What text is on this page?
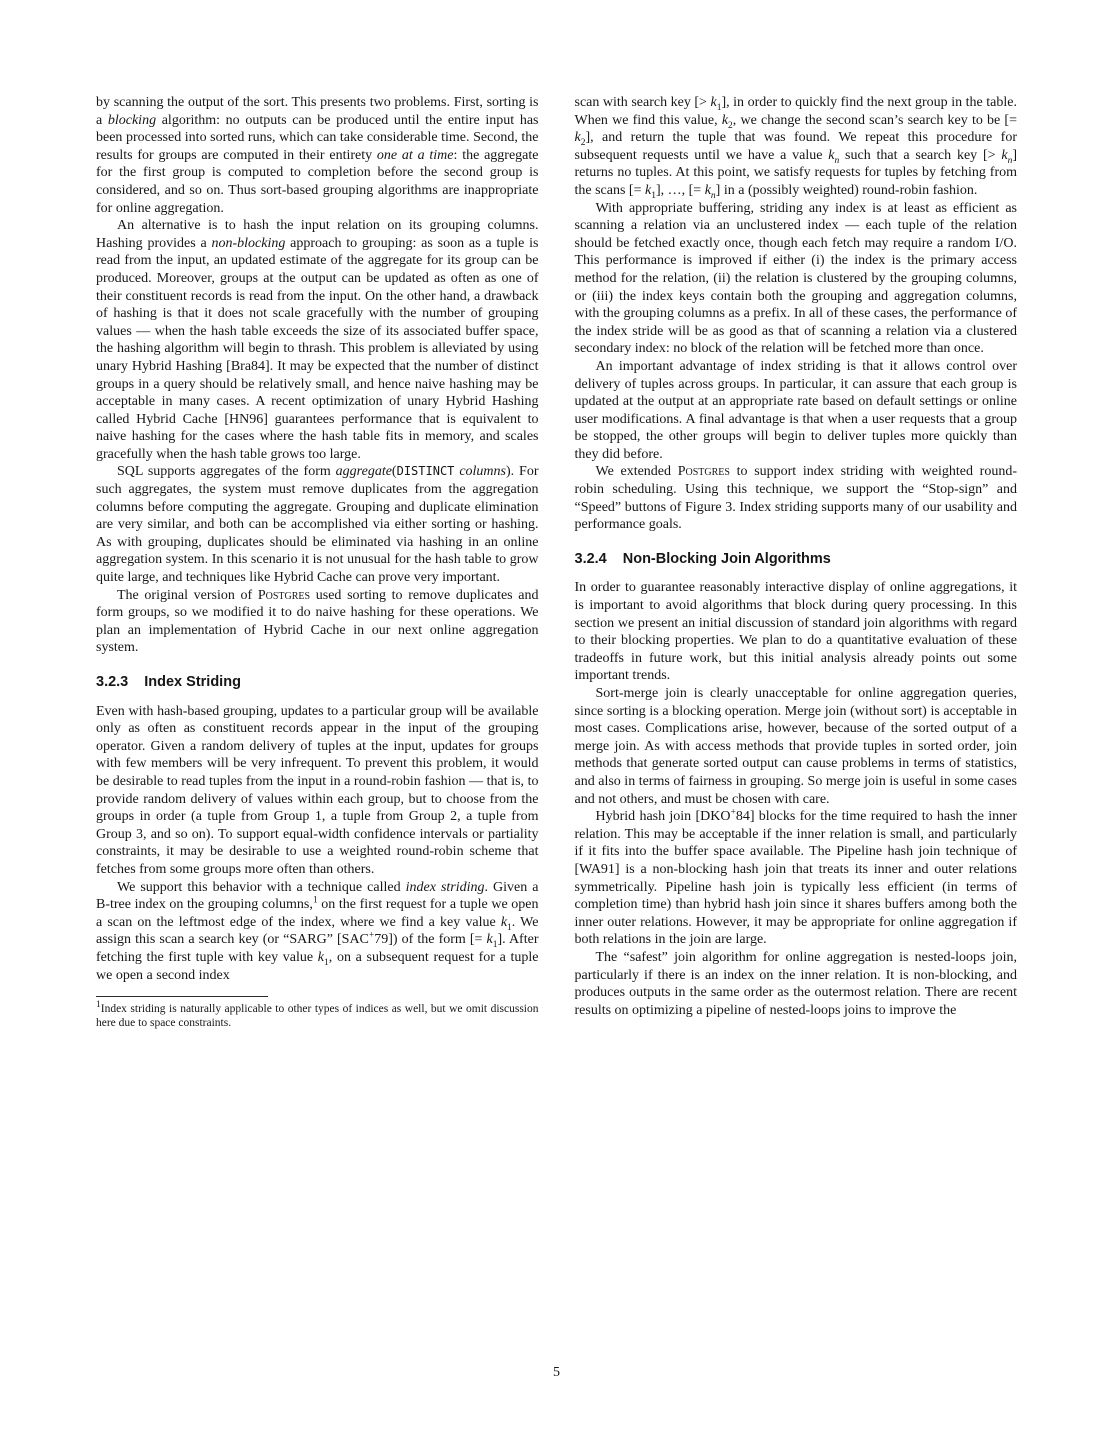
by scanning the output of the sort. This presents two problems. First, sorting is a blocking algorithm: no outputs can be produced until the entire input has been processed into sorted runs, which can take considerable time. Second, the results for groups are computed in their entirety one at a time: the aggregate for the first group is computed to completion before the second group is considered, and so on. Thus sort-based grouping algorithms are inappropriate for online aggregation.

An alternative is to hash the input relation on its grouping columns. Hashing provides a non-blocking approach to grouping: as soon as a tuple is read from the input, an updated estimate of the aggregate for its group can be produced. Moreover, groups at the output can be updated as often as one of their constituent records is read from the input. On the other hand, a drawback of hashing is that it does not scale gracefully with the number of grouping values — when the hash table exceeds the size of its associated buffer space, the hashing algorithm will begin to thrash. This problem is alleviated by using unary Hybrid Hashing [Bra84]. It may be expected that the number of distinct groups in a query should be relatively small, and hence naive hashing may be acceptable in many cases. A recent optimization of unary Hybrid Hashing called Hybrid Cache [HN96] guarantees performance that is equivalent to naive hashing for the cases where the hash table fits in memory, and scales gracefully when the hash table grows too large.

SQL supports aggregates of the form aggregate(DISTINCT columns). For such aggregates, the system must remove duplicates from the aggregation columns before computing the aggregate. Grouping and duplicate elimination are very similar, and both can be accomplished via either sorting or hashing. As with grouping, duplicates should be eliminated via hashing in an online aggregation system. In this scenario it is not unusual for the hash table to grow quite large, and techniques like Hybrid Cache can prove very important.

The original version of Postgres used sorting to remove duplicates and form groups, so we modified it to do naive hashing for these operations. We plan an implementation of Hybrid Cache in our next online aggregation system.

3.2.3 Index Striding

Even with hash-based grouping, updates to a particular group will be available only as often as constituent records appear in the input of the grouping operator. Given a random delivery of tuples at the input, updates for groups with few members will be very infrequent. To prevent this problem, it would be desirable to read tuples from the input in a round-robin fashion — that is, to provide random delivery of values within each group, but to choose from the groups in order (a tuple from Group 1, a tuple from Group 2, a tuple from Group 3, and so on). To support equal-width confidence intervals or partiality constraints, it may be desirable to use a weighted round-robin scheme that fetches from some groups more often than others.

We support this behavior with a technique called index striding. Given a B-tree index on the grouping columns,$^1$ on the first request for a tuple we open a scan on the leftmost edge of the index, where we find a key value $k_1$. We assign this scan a search key (or “SARG” [SAC+79]) of the form [= $k_1$]. After fetching the first tuple with key value $k_1$, on a subsequent request for a tuple we open a second index

$^1$Index striding is naturally applicable to other types of indices as well, but we omit discussion here due to space constraints.

scan with search key [> $k_1$], in order to quickly find the next group in the table. When we find this value, $k_2$, we change the second scan’s search key to be [= $k_2$], and return the tuple that was found. We repeat this procedure for subsequent requests until we have a value $k_n$ such that a search key [> $k_n$] returns no tuples. At this point, we satisfy requests for tuples by fetching from the scans [= $k_1$], …, [= $k_n$] in a (possibly weighted) round-robin fashion.

With appropriate buffering, striding any index is at least as efficient as scanning a relation via an unclustered index — each tuple of the relation should be fetched exactly once, though each fetch may require a random I/O. This performance is improved if either (i) the index is the primary access method for the relation, (ii) the relation is clustered by the grouping columns, or (iii) the index keys contain both the grouping and aggregation columns, with the grouping columns as a prefix. In all of these cases, the performance of the index stride will be as good as that of scanning a relation via a clustered secondary index: no block of the relation will be fetched more than once.

An important advantage of index striding is that it allows control over delivery of tuples across groups. In particular, it can assure that each group is updated at the output at an appropriate rate based on default settings or online user modifications. A final advantage is that when a user requests that a group be stopped, the other groups will begin to deliver tuples more quickly than they did before.

We extended Postgres to support index striding with weighted round-robin scheduling. Using this technique, we support the “Stop-sign” and “Speed” buttons of Figure 3. Index striding supports many of our usability and performance goals.

3.2.4 Non-Blocking Join Algorithms

In order to guarantee reasonably interactive display of online aggregations, it is important to avoid algorithms that block during query processing. In this section we present an initial discussion of standard join algorithms with regard to their blocking properties. We plan to do a quantitative evaluation of these tradeoffs in future work, but this initial analysis already points out some important trends.

Sort-merge join is clearly unacceptable for online aggregation queries, since sorting is a blocking operation. Merge join (without sort) is acceptable in most cases. Complications arise, however, because of the sorted output of a merge join. As with access methods that provide tuples in sorted order, join methods that generate sorted output can cause problems in terms of statistics, and also in terms of fairness in grouping. So merge join is useful in some cases and not others, and must be chosen with care.

Hybrid hash join [DKO+84] blocks for the time required to hash the inner relation. This may be acceptable if the inner relation is small, and particularly if it fits into the buffer space available. The Pipeline hash join technique of [WA91] is a non-blocking hash join that treats its inner and outer relations symmetrically. Pipeline hash join is typically less efficient (in terms of completion time) than hybrid hash join since it shares buffers among both the inner outer relations. However, it may be appropriate for online aggregation if both relations in the join are large.

The “safest” join algorithm for online aggregation is nested-loops join, particularly if there is an index on the inner relation. It is non-blocking, and produces outputs in the same order as the outermost relation. There are recent results on optimizing a pipeline of nested-loops joins to improve the

5
